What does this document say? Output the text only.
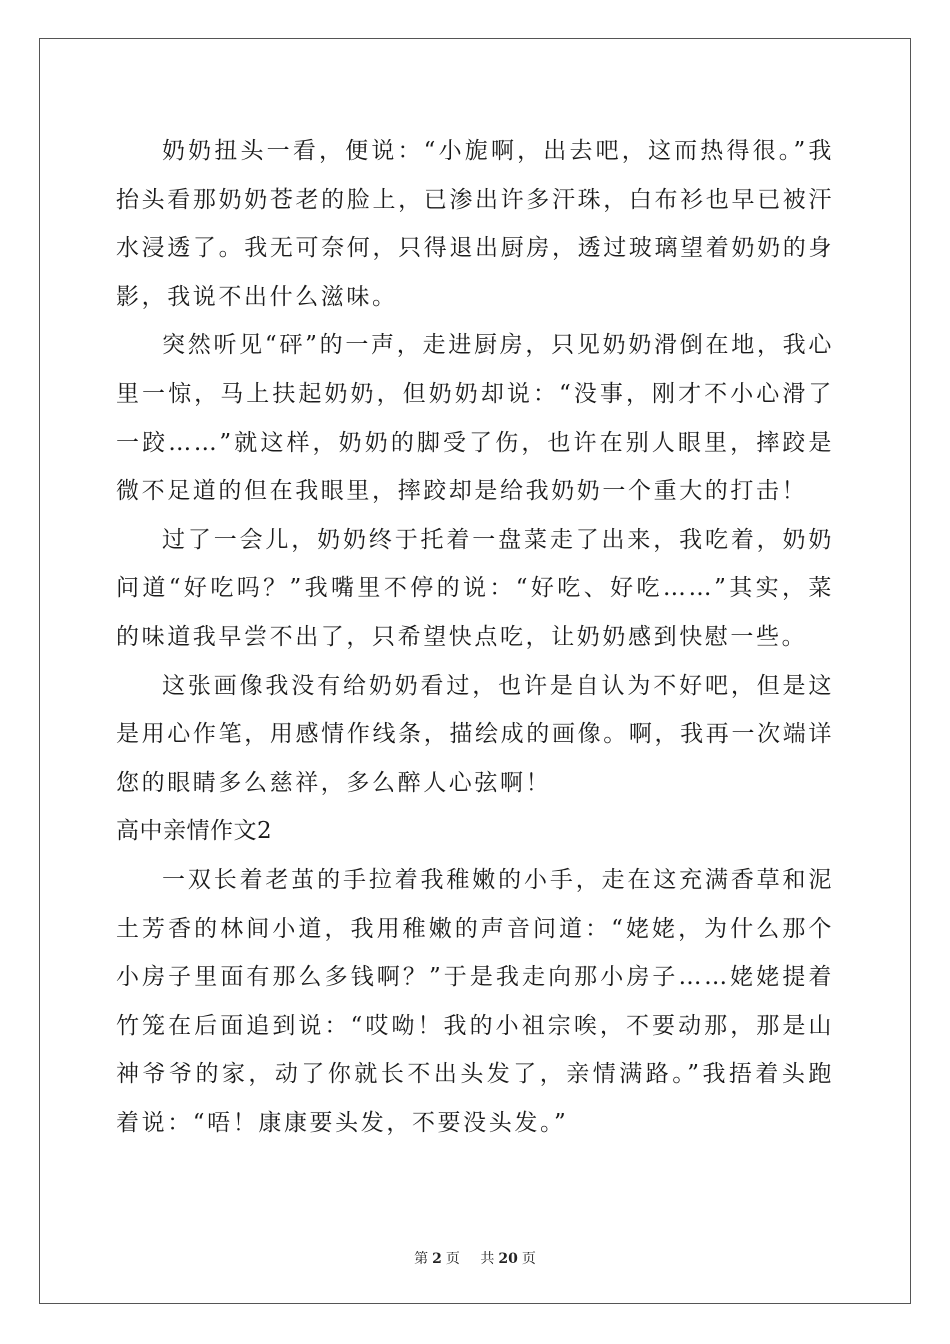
奶奶扭头一看，便说：“小旎啊，出去吧，这而热得很。”我抬头看那奶奶苍老的脸上，已渗出许多汗珠，白布衫也早已被汗水浸透了。我无可奈何，只得退出厨房，透过玻璃望着奶奶的身影，我说不出什么滋味。

突然听见“砰”的一声，走进厨房，只见奶奶滑倒在地，我心里一惊，马上扶起奶奶，但奶奶却说：“没事，刚才不小心滑了一跤……”就这样，奶奶的脚受了伤，也许在别人眼里，摔跤是微不足道的但在我眼里，摔跤却是给我奶奶一个重大的打击！

过了一会儿，奶奶终于托着一盘菜走了出来，我吃着，奶奶问道“好吃吗？”我嘴里不停的说：“好吃、好吃……”其实，菜的味道我早尝不出了，只希望快点吃，让奶奶感到快慰一些。

这张画像我没有给奶奶看过，也许是自认为不好吧，但是这是用心作笔，用感情作线条，描绘成的画像。啊，我再一次端详您的眼睛多么慈祥，多么醉人心弦啊！

高中亲情作文2

一双长着老茧的手拉着我稚嫩的小手，走在这充满香草和泥土芳香的林间小道，我用稚嫩的声音问道：“姥姥，为什么那个小房子里面有那么多钱啊？”于是我走向那小房子……姥姥提着竹笼在后面追到说：“哎呦！我的小祖宗唉，不要动那，那是山神爷爷的家，动了你就长不出头发了，亲情满路。”我捂着头跑着说：“唔！康康要头发，不要没头发。”

第 2 页 共 20 页
